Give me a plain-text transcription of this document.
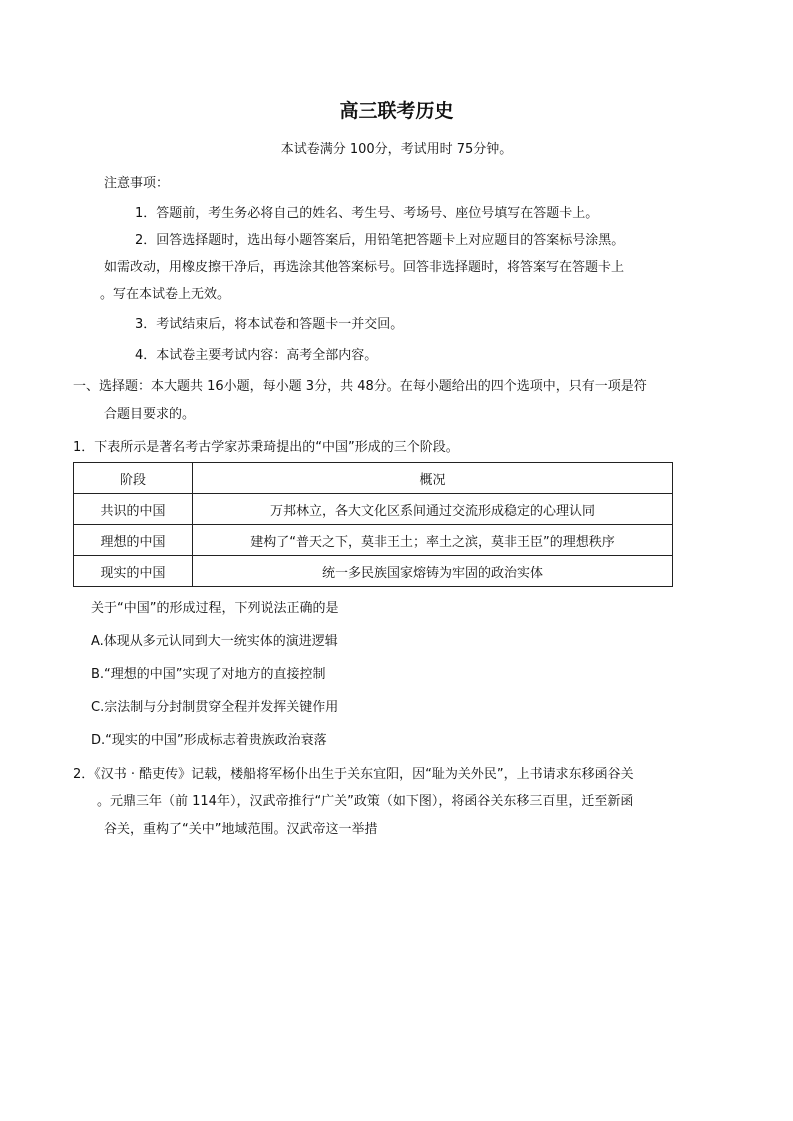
高三联考历史
本试卷满分 100分，考试用时 75分钟。
注意事项：
1．答题前，考生务必将自己的姓名、考生号、考场号、座位号填写在答题卡上。
2．回答选择题时，选出每小题答案后，用铅笔把答题卡上对应题目的答案标号涂黑。
如需改动，用橡皮擦干净后，再选涂其他答案标号。回答非选择题时，将答案写在答题卡上
。写在本试卷上无效。
3．考试结束后，将本试卷和答题卡一并交回。
4．本试卷主要考试内容：高考全部内容。
一、选择题：本大题共 16小题，每小题 3分，共 48分。在每小题给出的四个选项中，只有一项是符
合题目要求的。
1．下表所示是著名考古学家苏秉琦提出的“中国”形成的三个阶段。
阶段	概况
共识的中国	万邦林立，各大文化区系间通过交流形成稳定的心理认同
理想的中国	建构了“普天之下，莫非王土；率土之滨，莫非王臣”的理想秩序
现实的中国	统一多民族国家熔铸为牢固的政治实体
关于“中国”的形成过程，下列说法正确的是
A.体现从多元认同到大一统实体的演进逻辑
B.“理想的中国”实现了对地方的直接控制
C.宗法制与分封制贯穿全程并发挥关键作用
D.“现实的中国”形成标志着贵族政治衰落
2．《汉书 · 酷吏传》记载，楼船将军杨仆出生于关东宜阳，因“耻为关外民”，上书请求东移函谷关
。元鼎三年（前 114年），汉武帝推行“广关”政策（如下图），将函谷关东移三百里，迁至新函
谷关，重构了“关中”地域范围。汉武帝这一举措
